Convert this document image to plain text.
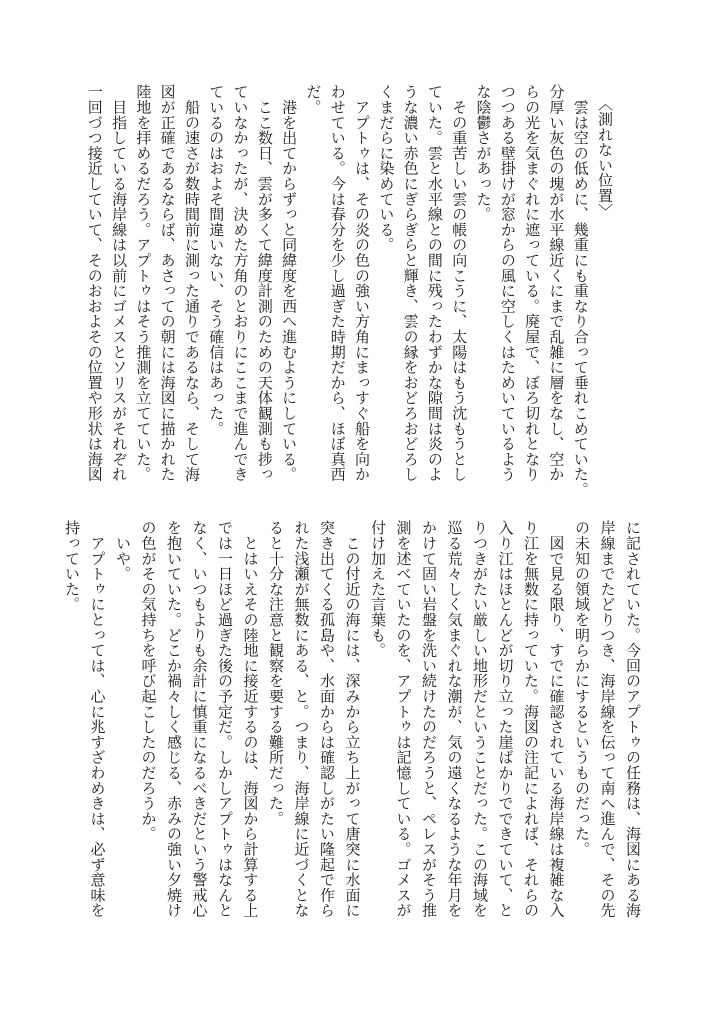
〈測れない位置〉
　雲は空の低めに、幾重にも重なり合って垂れこめていた。
分厚い灰色の塊が水平線近くにまで乱雑に層をなし、空か
らの光を気まぐれに遮っている。廃屋で、ぼろ切れとなり
つつある壁掛けが窓からの風に空しくはためいているよう
な陰鬱さがあった。
　その重苦しい雲の帳の向こうに、太陽はもう沈もうとし
ていた。雲と水平線との間に残ったわずかな隙間は炎のよ
うな濃い赤色にぎらぎらと輝き、雲の縁をおどろおどろし
くまだらに染めている。
　アプトゥは、その炎の色の強い方角にまっすぐ船を向か
わせている。今は春分を少し過ぎた時期だから、ほぼ真西
だ。
　港を出てからずっと同緯度を西へ進むようにしている。
　ここ数日、雲が多くて緯度計測のための天体観測も捗っ
ていなかったが、決めた方角のとおりにここまで進んでき
ているのはおよそ間違いない、そう確信はあった。
　船の速さが数時間前に測った通りであるなら、そして海
図が正確であるならば、あさっての朝には海図に描かれた
陸地を拝めるだろう。アプトゥはそう推測を立てていた。
　目指している海岸線は以前にゴメスとソリスがそれぞれ
一回づつ接近していて、そのおおよその位置や形状は海図
に記されていた。今回のアプトゥの任務は、海図にある海
岸線までたどりつき、海岸線を伝って南へ進んで、その先
の未知の領域を明らかにするというものだった。
　図で見る限り、すでに確認されている海岸線は複雑な入
り江を無数に持っていた。海図の注記によれば、それらの
入り江はほとんどが切り立った崖ばかりでできていて、と
りつきがたい厳しい地形だということだった。この海域を
巡る荒々しく気まぐれな潮が、気の遠くなるような年月を
かけて固い岩盤を洗い続けたのだろうと、ペレスがそう推
測を述べていたのを、アプトゥは記憶している。ゴメスが
付け加えた言葉も。
　この付近の海には、深みから立ち上がって唐突に水面に
突き出てくる孤島や、水面からは確認しがたい隆起で作ら
れた浅瀬が無数にある、と。つまり、海岸線に近づくとな
ると十分な注意と観察を要する難所だった。
　とはいえその陸地に接近するのは、海図から計算する上
では一日ほど過ぎた後の予定だ。しかしアプトゥはなんと
なく、いつもよりも余計に慎重になるべきだという警戒心
を抱いていた。どこか禍々しく感じる、赤みの強い夕焼け
の色がその気持ちを呼び起こしたのだろうか。
　いや。
　アプトゥにとっては、心に兆すざわめきは、必ず意味を
持っていた。
